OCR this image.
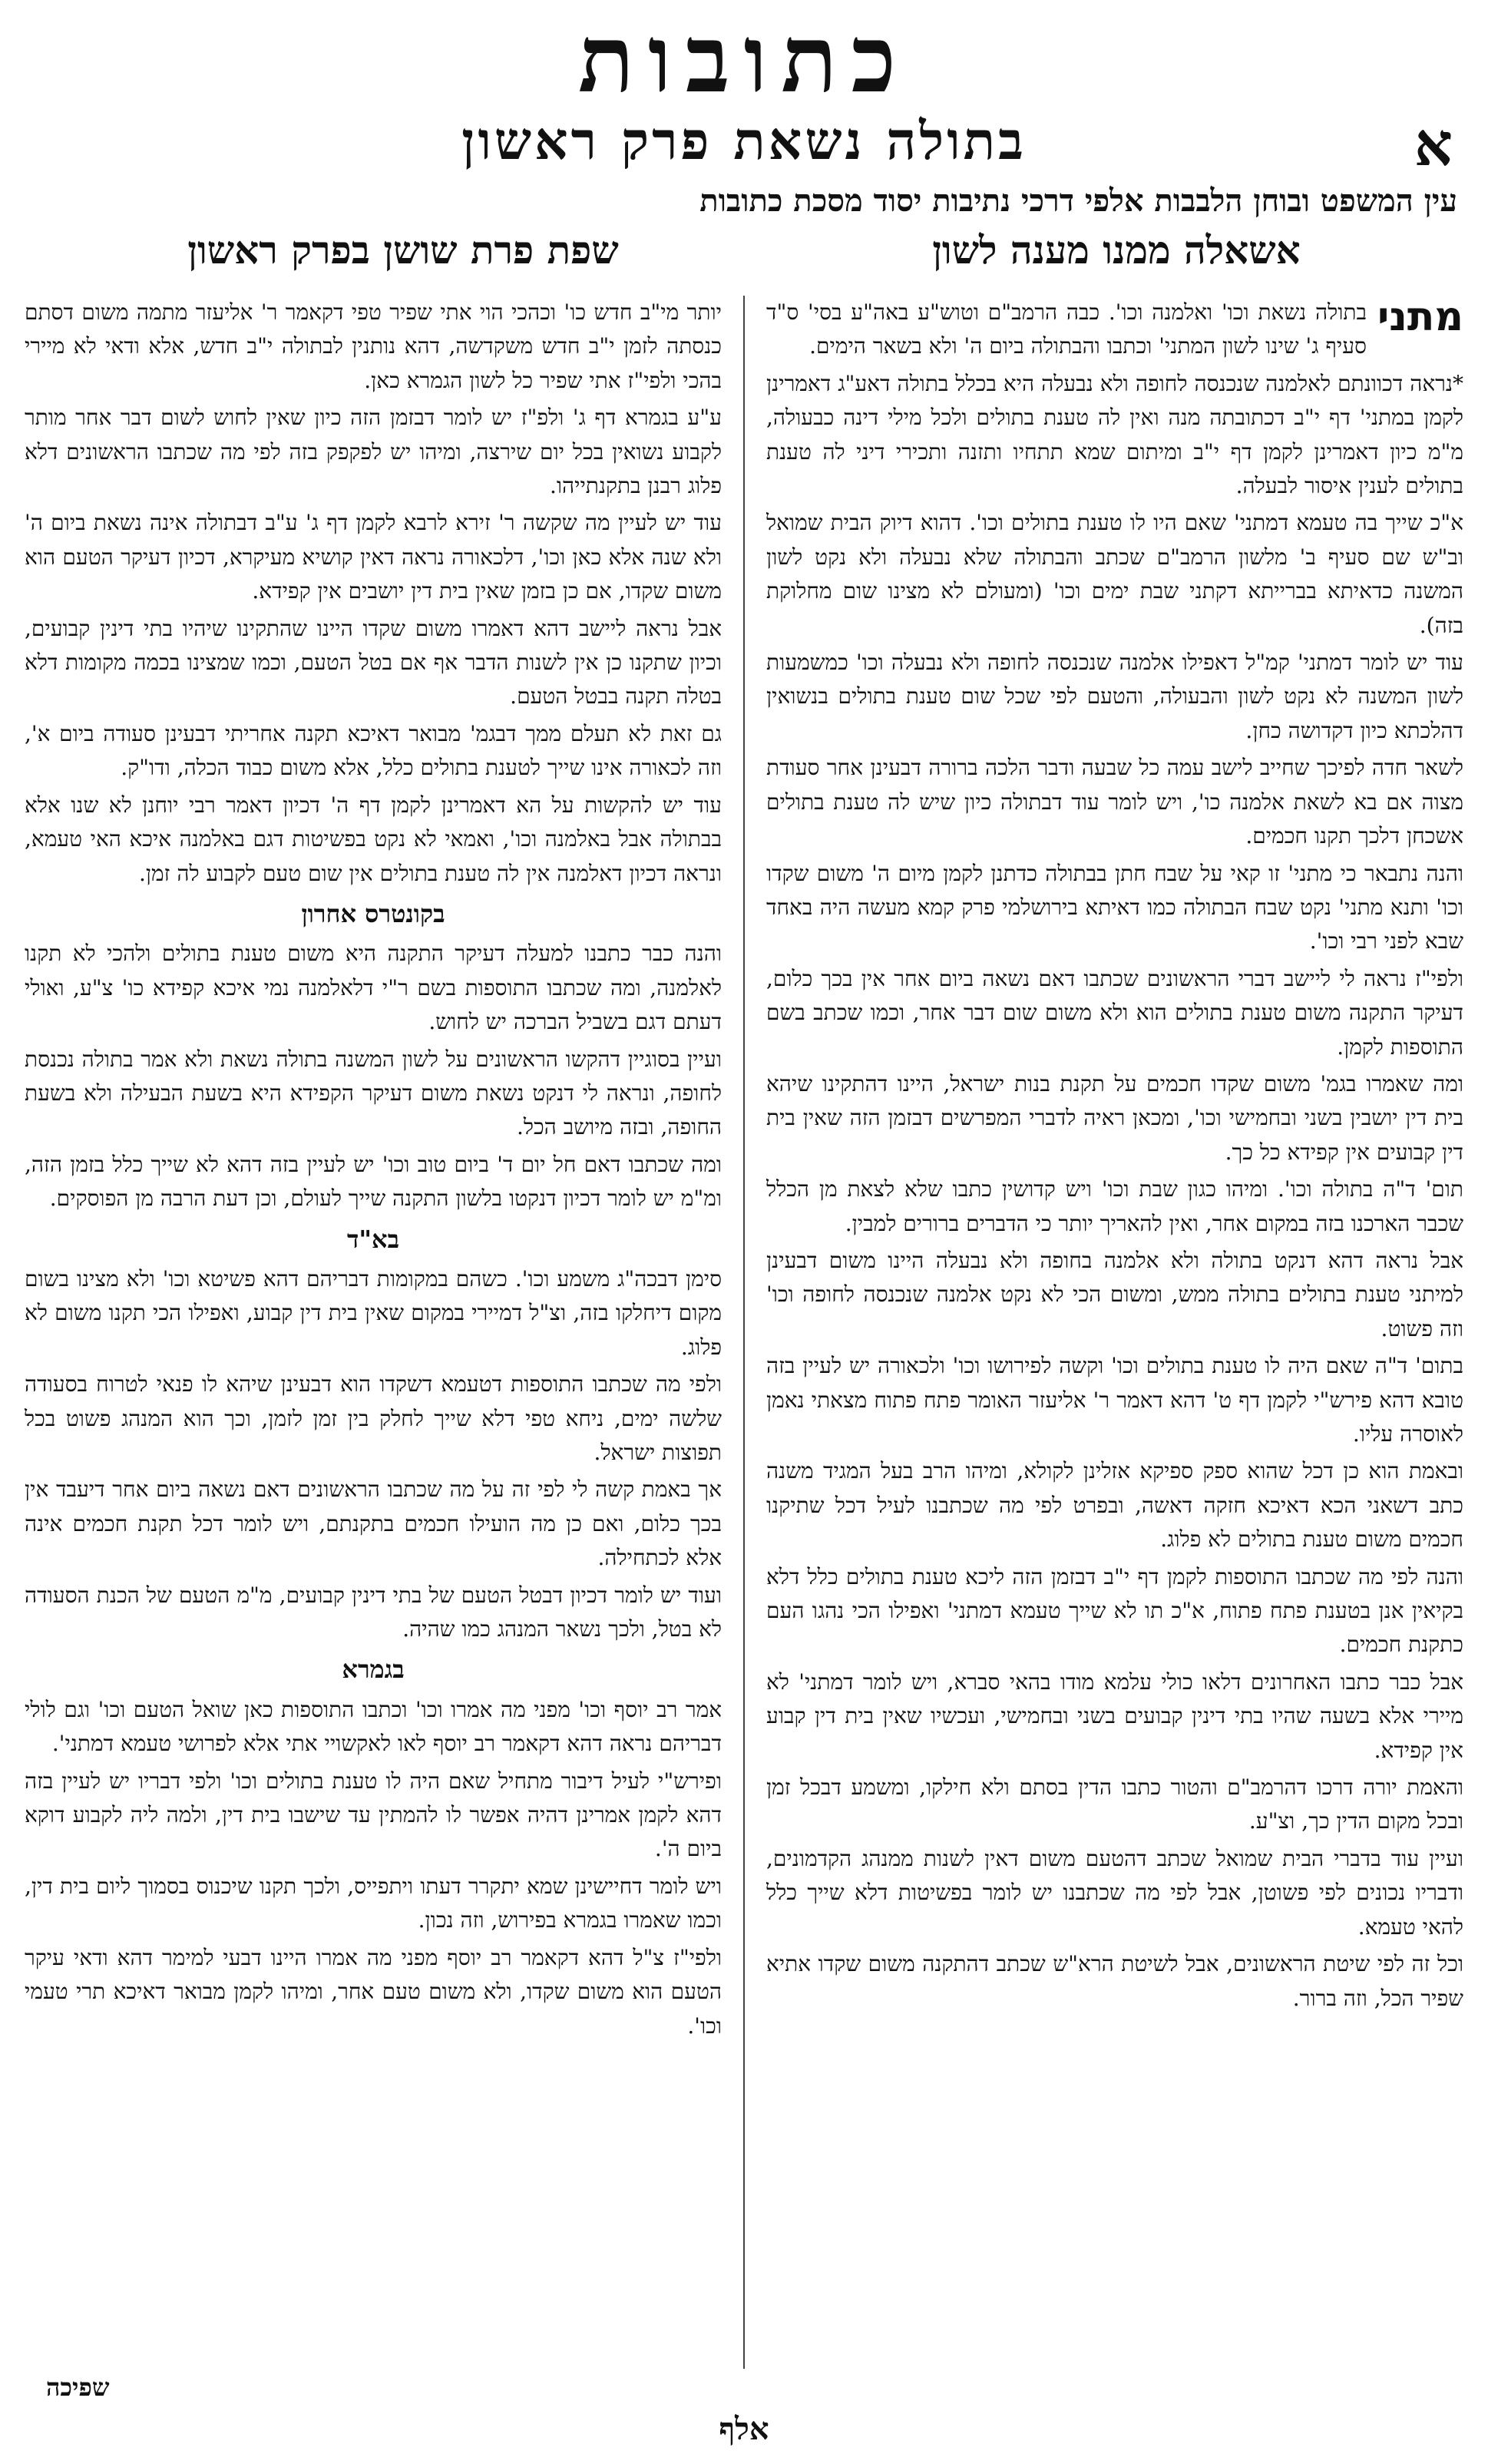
כתובות
א
בתולה נשאת פרק ראשון
עין המשפט ובוחן הלבבות אלפי דרכי נתיבות יסוד מסכת כתובות
אשאלה ממנו מענה לשון
שפת פרת שושן בפרק ראשון
מתני

בתולה נשאת וכו' ואלמנה וכו'. כבה הרמב"ם וטוש"ע באה"ע בסי' ס"ד סעיף ג' שינו לשון המתני' וכתבו והבתולה ביום ה' ולא בשאר הימים.

*נראה דכוונתם לאלמנה שנכנסה לחופה ולא נבעלה היא בכלל בתולה דאע"ג דאמרינן לקמן במתני' דף י"ב דכתובתה מנה ואין לה טענת בתולים ולכל מילי דינה כבעולה, מ"מ כיון דאמרינן לקמן דף י"ב ומיתום שמא תתחיו ותזנה ותכירי דיני לה טענת בתולים לענין איסור לבעלה.

א"כ שייך בה טעמא דמתני' שאם היו לו טענת בתולים וכו'. דהוא דיוק הבית שמואל וב"ש שם סעיף ב' מלשון הרמב"ם שכתב והבתולה שלא נבעלה ולא נקט לשון המשנה כדאיתא בברייתא דקתני שבת ימים וכו' (ומעולם לא מצינו שום מחלוקת בזה).

עוד יש לומר דמתני' קמ"ל דאפילו אלמנה שנכנסה לחופה ולא נבעלה וכו' כמשמעות לשון המשנה לא נקט לשון והבעולה, והטעם לפי שכל שום טענת בתולים בנשואין דהלכתא כיון דקדושה כחן.

לשאר חדה לפיכך שחייב לישב עמה כל שבעה ודבר הלכה ברורה דבעינן אחר סעודת מצוה אם בא לשאת אלמנה כו', ויש לומר עוד דבתולה כיון שיש לה טענת בתולים אשכחן דלכך תקנו חכמים.

והנה נתבאר כי מתני' זו קאי על שבח חתן בבתולה כדתנן לקמן מיום ה' משום שקדו וכו' ותנא מתני' נקט שבח הבתולה כמו דאיתא בירושלמי פרק קמא מעשה היה באחד שבא לפני רבי וכו'.

ולפי"ז נראה לי ליישב דברי הראשונים שכתבו דאם נשאה ביום אחר אין בכך כלום, דעיקר התקנה משום טענת בתולים הוא ולא משום שום דבר אחר, וכמו שכתב בשם התוספות לקמן.

ומה שאמרו בגמ' משום שקדו חכמים על תקנת בנות ישראל, היינו דהתקינו שיהא בית דין יושבין בשני ובחמישי וכו', ומכאן ראיה לדברי המפרשים דבזמן הזה שאין בית דין קבועים אין קפידא כל כך.

תום' ד"ה בתולה וכו'. ומיהו כגון שבת וכו' ויש קדושין כתבו שלא לצאת מן הכלל שכבר הארכנו בזה במקום אחר, ואין להאריך יותר כי הדברים ברורים למבין.

אבל נראה דהא דנקט בתולה ולא אלמנה בחופה ולא נבעלה היינו משום דבעינן למיתני טענת בתולים בתולה ממש, ומשום הכי לא נקט אלמנה שנכנסה לחופה וכו' וזה פשוט.

בתום' ד"ה שאם היה לו טענת בתולים וכו' וקשה לפירושו וכו' ולכאורה יש לעיין בזה טובא דהא פירש"י לקמן דף ט' דהא דאמר ר' אליעזר האומר פתח פתוח מצאתי נאמן לאוסרה עליו.

ובאמת הוא כן דכל שהוא ספק ספיקא אזלינן לקולא, ומיהו הרב בעל המגיד משנה כתב דשאני הכא דאיכא חזקה דאשה, ובפרט לפי מה שכתבנו לעיל דכל שתיקנו חכמים משום טענת בתולים לא פלוג.

והנה לפי מה שכתבו התוספות לקמן דף י"ב דבזמן הזה ליכא טענת בתולים כלל דלא בקיאין אנן בטענת פתח פתוח, א"כ תו לא שייך טעמא דמתני' ואפילו הכי נהגו העם כתקנת חכמים.

אבל כבר כתבו האחרונים דלאו כולי עלמא מודו בהאי סברא, ויש לומר דמתני' לא מיירי אלא בשעה שהיו בתי דינין קבועים בשני ובחמישי, ועכשיו שאין בית דין קבוע אין קפידא.

והאמת יורה דרכו דהרמב"ם והטור כתבו הדין בסתם ולא חילקו, ומשמע דבכל זמן ובכל מקום הדין כך, וצ"ע.

ועיין עוד בדברי הבית שמואל שכתב דהטעם משום דאין לשנות ממנהג הקדמונים, ודבריו נכונים לפי פשוטן, אבל לפי מה שכתבנו יש לומר בפשיטות דלא שייך כלל להאי טעמא.

וכל זה לפי שיטת הראשונים, אבל לשיטת הרא"ש שכתב דהתקנה משום שקדו אתיא שפיר הכל, וזה ברור.

יותר מי"ב חדש כו' וכהכי הוי אתי שפיר טפי דקאמר ר' אליעזר מתמה משום דסתם כנסתה לזמן י"ב חדש משקדשה, דהא נותנין לבתולה י"ב חדש, אלא ודאי לא מיירי בהכי ולפי"ז אתי שפיר כל לשון הגמרא כאן.

ע"ע בגמרא דף ג' ולפ"ז יש לומר דבזמן הזה כיון שאין לחוש לשום דבר אחר מותר לקבוע נשואין בכל יום שירצה, ומיהו יש לפקפק בזה לפי מה שכתבו הראשונים דלא פלוג רבנן בתקנתייהו.

עוד יש לעיין מה שקשה ר' זירא לרבא לקמן דף ג' ע"ב דבתולה אינה נשאת ביום ה' ולא שנה אלא כאן וכו', דלכאורה נראה דאין קושיא מעיקרא, דכיון דעיקר הטעם הוא משום שקדו, אם כן בזמן שאין בית דין יושבים אין קפידא.

אבל נראה ליישב דהא דאמרו משום שקדו היינו שהתקינו שיהיו בתי דינין קבועים, וכיון שתקנו כן אין לשנות הדבר אף אם בטל הטעם, וכמו שמצינו בכמה מקומות דלא בטלה תקנה בבטל הטעם.

גם זאת לא תעלם ממך דבגמ' מבואר דאיכא תקנה אחריתי דבעינן סעודה ביום א', וזה לכאורה אינו שייך לטענת בתולים כלל, אלא משום כבוד הכלה, ודו"ק.

עוד יש להקשות על הא דאמרינן לקמן דף ה' דכיון דאמר רבי יוחנן לא שנו אלא בבתולה אבל באלמנה וכו', ואמאי לא נקט בפשיטות דגם באלמנה איכא האי טעמא, ונראה דכיון דאלמנה אין לה טענת בתולים אין שום טעם לקבוע לה זמן.

בקונטרס אחרון

והנה כבר כתבנו למעלה דעיקר התקנה היא משום טענת בתולים ולהכי לא תקנו לאלמנה, ומה שכתבו התוספות בשם ר"י דלאלמנה נמי איכא קפידא כו' צ"ע, ואולי דעתם דגם בשביל הברכה יש לחוש.

ועיין בסוגיין דהקשו הראשונים על לשון המשנה בתולה נשאת ולא אמר בתולה נכנסת לחופה, ונראה לי דנקט נשאת משום דעיקר הקפידא היא בשעת הבעילה ולא בשעת החופה, ובזה מיושב הכל.

ומה שכתבו דאם חל יום ד' ביום טוב וכו' יש לעיין בזה דהא לא שייך כלל בזמן הזה, ומ"מ יש לומר דכיון דנקטו בלשון התקנה שייך לעולם, וכן דעת הרבה מן הפוסקים.

בא"ד

סימן דבכה"ג משמע וכו'. כשהם במקומות דבריהם דהא פשיטא וכו' ולא מצינו בשום מקום דיחלקו בזה, וצ"ל דמיירי במקום שאין בית דין קבוע, ואפילו הכי תקנו משום לא פלוג.

ולפי מה שכתבו התוספות דטעמא דשקדו הוא דבעינן שיהא לו פנאי לטרוח בסעודה שלשה ימים, ניחא טפי דלא שייך לחלק בין זמן לזמן, וכך הוא המנהג פשוט בכל תפוצות ישראל.

אך באמת קשה לי לפי זה על מה שכתבו הראשונים דאם נשאה ביום אחר דיעבד אין בכך כלום, ואם כן מה הועילו חכמים בתקנתם, ויש לומר דכל תקנת חכמים אינה אלא לכתחילה.

ועוד יש לומר דכיון דבטל הטעם של בתי דינין קבועים, מ"מ הטעם של הכנת הסעודה לא בטל, ולכך נשאר המנהג כמו שהיה.

בגמרא

אמר רב יוסף וכו' מפני מה אמרו וכו' וכתבו התוספות כאן שואל הטעם וכו' וגם לולי דבריהם נראה דהא דקאמר רב יוסף לאו לאקשויי אתי אלא לפרושי טעמא דמתני'.

ופירש"י לעיל דיבור מתחיל שאם היה לו טענת בתולים וכו' ולפי דבריו יש לעיין בזה דהא לקמן אמרינן דהיה אפשר לו להמתין עד שישבו בית דין, ולמה ליה לקבוע דוקא ביום ה'.

ויש לומר דחיישינן שמא יתקרר דעתו ויתפייס, ולכך תקנו שיכנוס בסמוך ליום בית דין, וכמו שאמרו בגמרא בפירוש, וזה נכון.

ולפי"ז צ"ל דהא דקאמר רב יוסף מפני מה אמרו היינו דבעי למימר דהא ודאי עיקר הטעם הוא משום שקדו, ולא משום טעם אחר, ומיהו לקמן מבואר דאיכא תרי טעמי וכו'.

שפיכה
אלף
